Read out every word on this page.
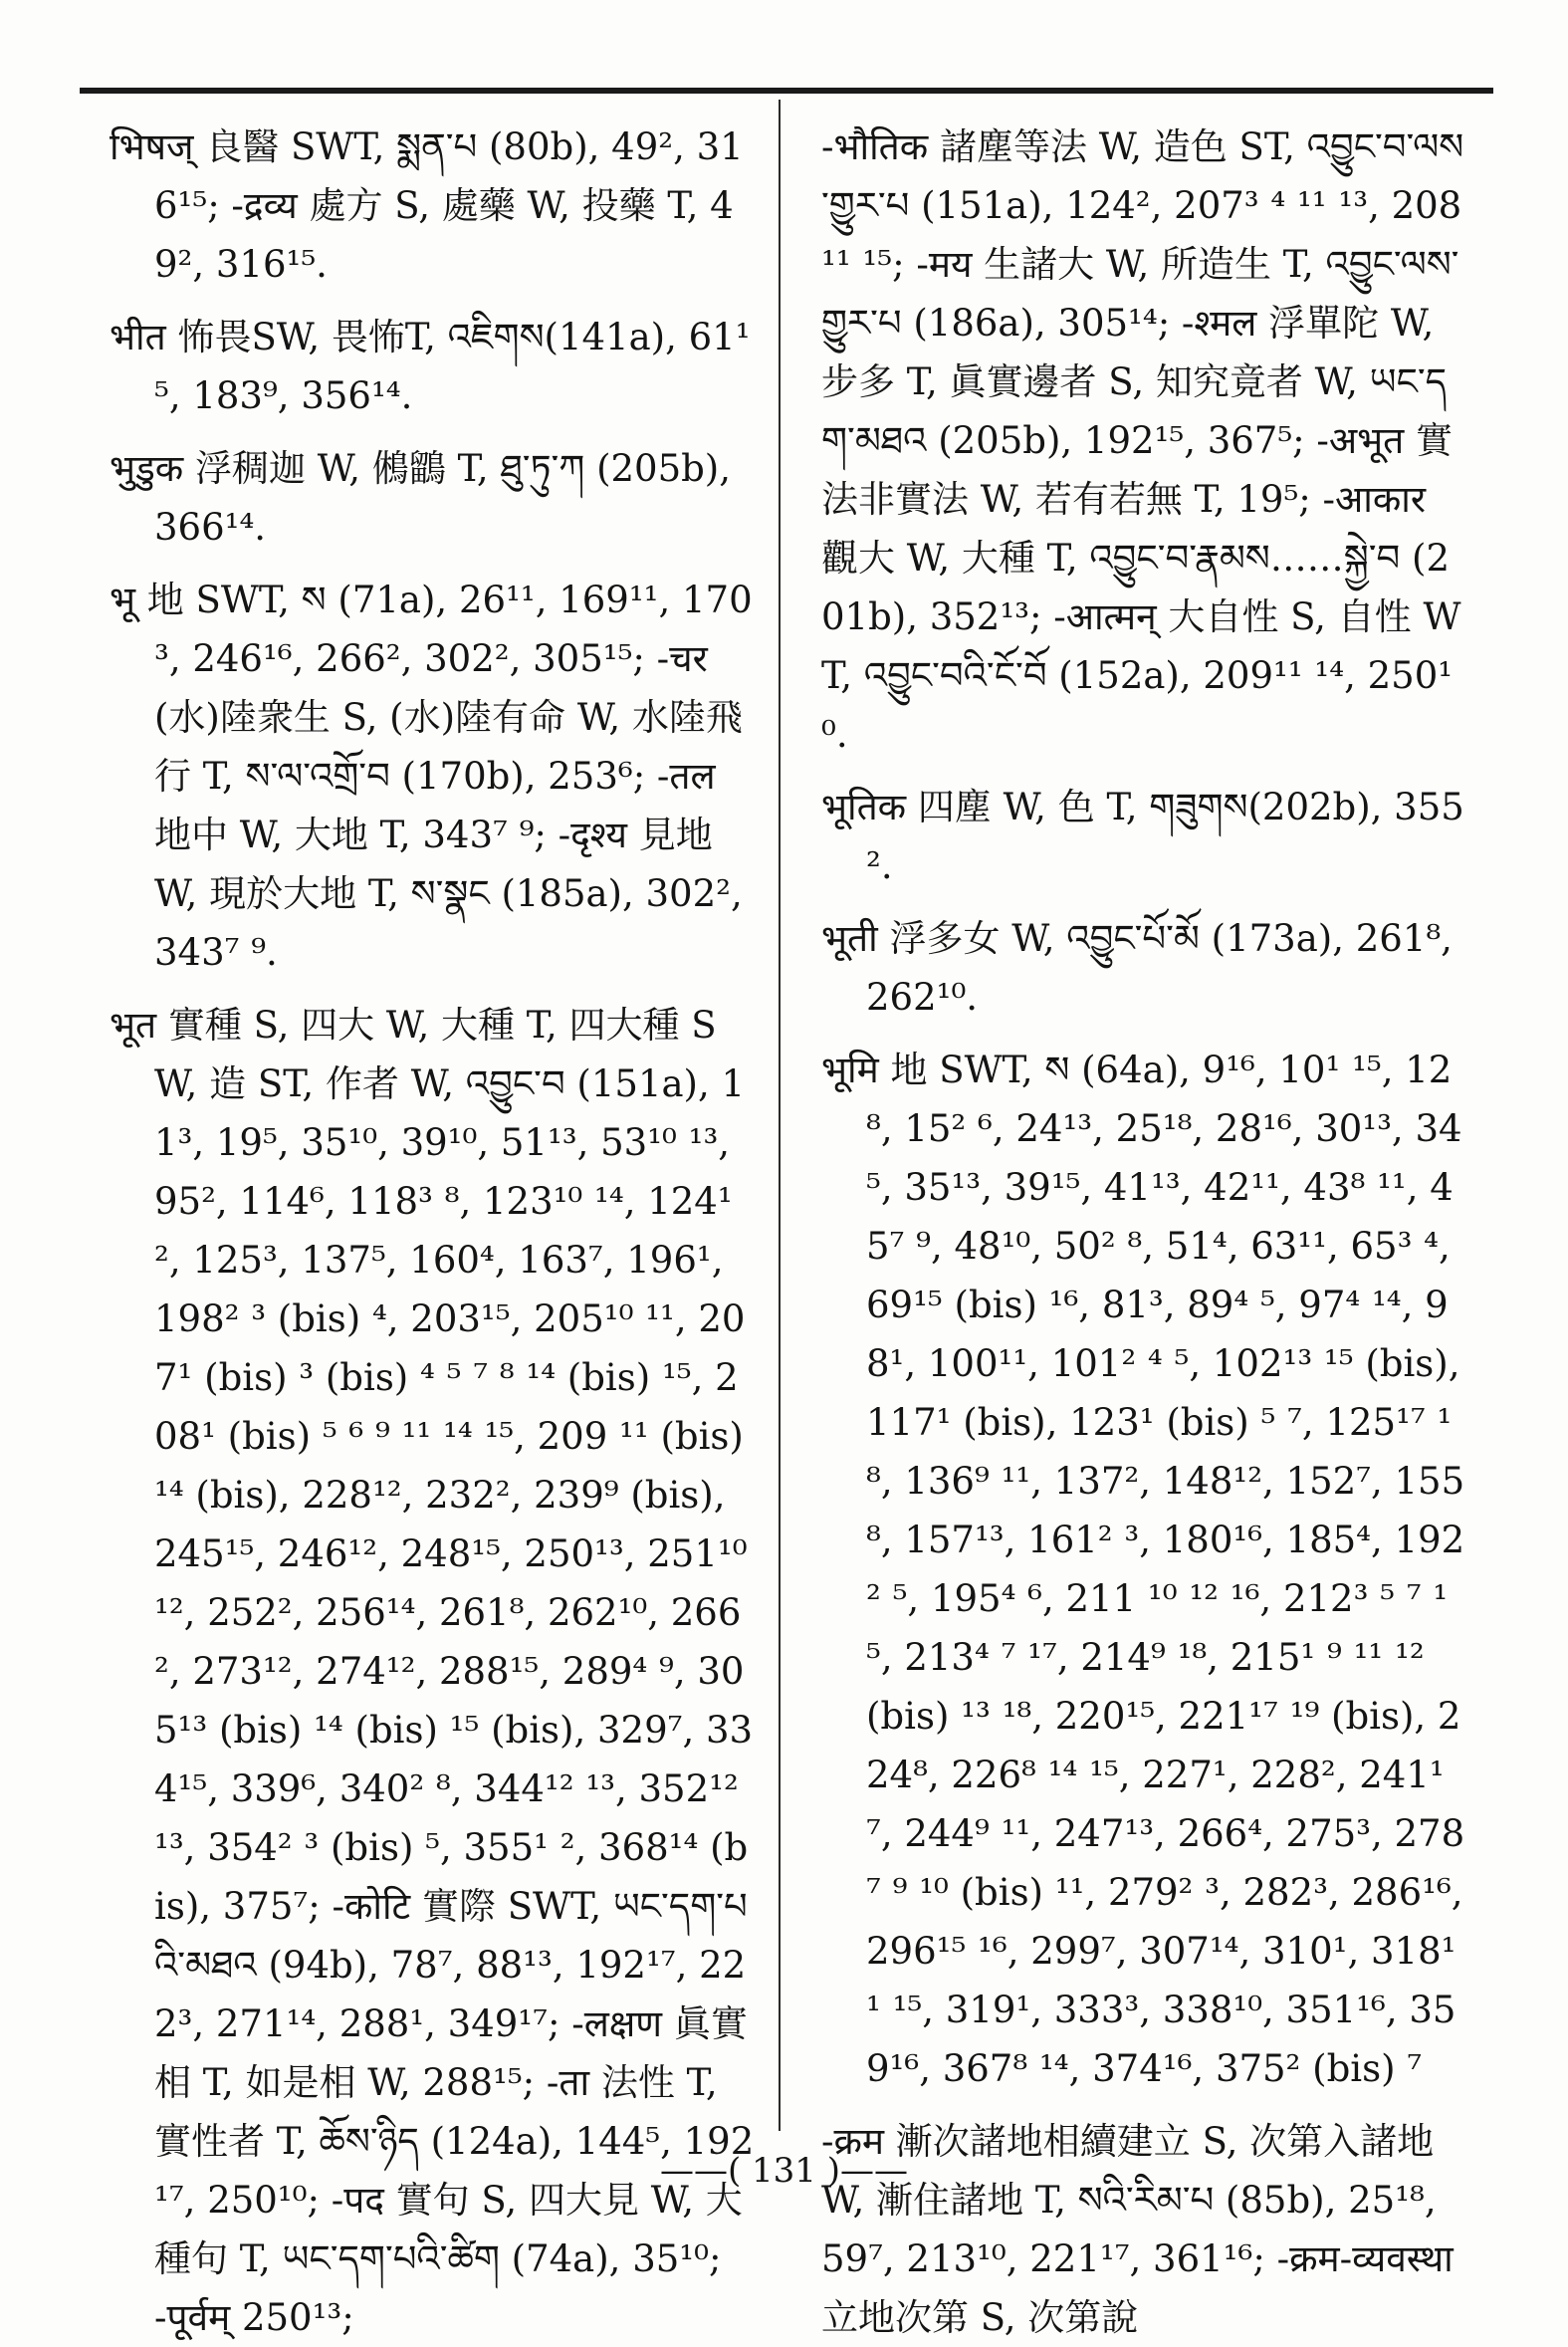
भिषज् 良醫 SWT, སྨན་པ (80b), 49², 316¹⁵; -द्रव्य 處方 S, 處藥 W, 投藥 T, 49², 316¹⁵.

भीत 怖畏SW, 畏怖T, འཇིགས(141a), 61¹⁵, 183⁹, 356¹⁴.

भुडुक 浮稠迦 W, 鵂鶹 T, ཐུ་ཏུ་ཀ (205b), 366¹⁴.

भू 地 SWT, ས (71a), 26¹¹, 169¹¹, 170³, 246¹⁶, 266², 302², 305¹⁵; -चर (水)陸衆生 S, (水)陸有命 W, 水陸飛行 T, ས་ལ་འགྲོ་བ (170b), 253⁶; -तल 地中 W, 大地 T, 343⁷ ⁹; -दृश्य 見地 W, 現於大地 T, ས་སྣང (185a), 302², 343⁷ ⁹.

भूत 實種 S, 四大 W, 大種 T, 四大種 SW, 造 ST, 作者 W, འབྱུང་བ (151a), 11³, 19⁵, 35¹⁰, 39¹⁰, 51¹³, 53¹⁰ ¹³, 95², 114⁶, 118³ ⁸, 123¹⁰ ¹⁴, 124¹², 125³, 137⁵, 160⁴, 163⁷, 196¹, 198² ³ (bis) ⁴, 203¹⁵, 205¹⁰ ¹¹, 207¹ (bis) ³ (bis) ⁴ ⁵ ⁷ ⁸ ¹⁴ (bis) ¹⁵, 208¹ (bis) ⁵ ⁶ ⁹ ¹¹ ¹⁴ ¹⁵, 209 ¹¹ (bis) ¹⁴ (bis), 228¹², 232², 239⁹ (bis), 245¹⁵, 246¹², 248¹⁵, 250¹³, 251¹⁰ ¹², 252², 256¹⁴, 261⁸, 262¹⁰, 266², 273¹², 274¹², 288¹⁵, 289⁴ ⁹, 305¹³ (bis) ¹⁴ (bis) ¹⁵ (bis), 329⁷, 334¹⁵, 339⁶, 340² ⁸, 344¹² ¹³, 352¹² ¹³, 354² ³ (bis) ⁵, 355¹ ², 368¹⁴ (bis), 375⁷; -कोटि 實際 SWT, ཡང་དག་པའི་མཐའ (94b), 78⁷, 88¹³, 192¹⁷, 222³, 271¹⁴, 288¹, 349¹⁷; -लक्षण 眞實相 T, 如是相 W, 288¹⁵; -ता 法性 T, 實性者 T, ཆོས་ཉིད (124a), 144⁵, 192¹⁷, 250¹⁰; -पद 實句 S, 四大見 W, 大種句 T, ཡང་དག་པའི་ཚིག (74a), 35¹⁰; -पूर्वम् 250¹³;

-भौतिक 諸塵等法 W, 造色 ST, འབྱུང་བ་ལས་གྱུར་པ (151a), 124², 207³ ⁴ ¹¹ ¹³, 208¹¹ ¹⁵; -मय 生諸大 W, 所造生 T, འབྱུང་ལས་གྱུར་པ (186a), 305¹⁴; -श्मल 浮單陀 W, 步多 T, 眞實邊者 S, 知究竟者 W, ཡང་དག་མཐའ (205b), 192¹⁵, 367⁵; -अभूत 實法非實法 W, 若有若無 T, 19⁵; -आकार 觀大 W, 大種 T, འབྱུང་བ་རྣམས……སྐྱེ་བ (201b), 352¹³; -आत्मन् 大自性 S, 自性 WT, འབྱུང་བའི་ངོ་བོ (152a), 209¹¹ ¹⁴, 250¹⁰.

भूतिक 四塵 W, 色 T, གཟུགས(202b), 355².

भूती 浮多女 W, འབྱུང་པོ་མོ (173a), 261⁸, 262¹⁰.

भूमि 地 SWT, ས (64a), 9¹⁶, 10¹ ¹⁵, 12⁸, 15² ⁶, 24¹³, 25¹⁸, 28¹⁶, 30¹³, 34⁵, 35¹³, 39¹⁵, 41¹³, 42¹¹, 43⁸ ¹¹, 45⁷ ⁹, 48¹⁰, 50² ⁸, 51⁴, 63¹¹, 65³ ⁴, 69¹⁵ (bis) ¹⁶, 81³, 89⁴ ⁵, 97⁴ ¹⁴, 98¹, 100¹¹, 101² ⁴ ⁵, 102¹³ ¹⁵ (bis), 117¹ (bis), 123¹ (bis) ⁵ ⁷, 125¹⁷ ¹⁸, 136⁹ ¹¹, 137², 148¹², 152⁷, 155⁸, 157¹³, 161² ³, 180¹⁶, 185⁴, 192² ⁵, 195⁴ ⁶, 211 ¹⁰ ¹² ¹⁶, 212³ ⁵ ⁷ ¹⁵, 213⁴ ⁷ ¹⁷, 214⁹ ¹⁸, 215¹ ⁹ ¹¹ ¹² (bis) ¹³ ¹⁸, 220¹⁵, 221¹⁷ ¹⁹ (bis), 224⁸, 226⁸ ¹⁴ ¹⁵, 227¹, 228², 241¹⁷, 244⁹ ¹¹, 247¹³, 266⁴, 275³, 278⁷ ⁹ ¹⁰ (bis) ¹¹, 279² ³, 282³, 286¹⁶, 296¹⁵ ¹⁶, 299⁷, 307¹⁴, 310¹, 318¹¹ ¹⁵, 319¹, 333³, 338¹⁰, 351¹⁶, 359¹⁶, 367⁸ ¹⁴, 374¹⁶, 375² (bis) ⁷

-क्रम 漸次諸地相續建立 S, 次第入諸地 W, 漸住諸地 T, སའི་རིམ་པ (85b), 25¹⁸, 59⁷, 213¹⁰, 221¹⁷, 361¹⁶; -क्रम-व्यवस्था 立地次第 S, 次第說

——( 131 )——
